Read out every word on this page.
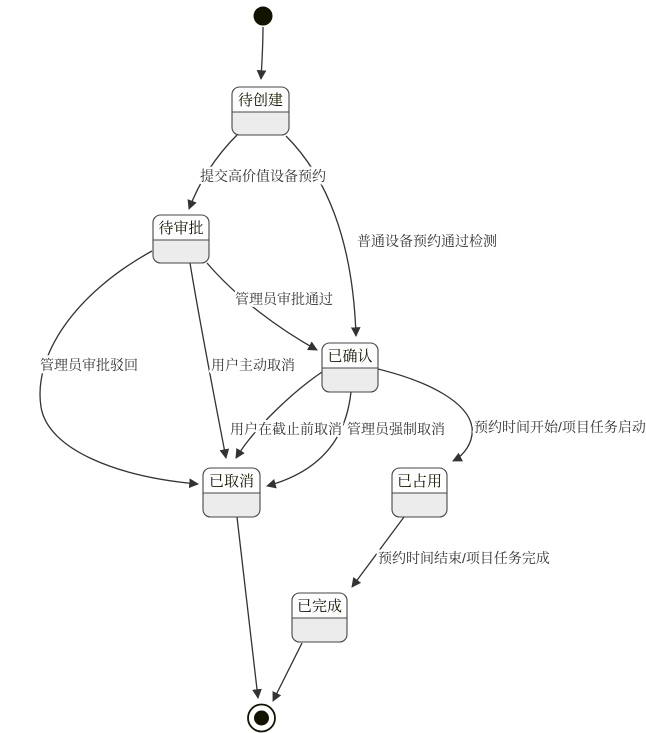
提交高价值设备预约
普通设备预约通过检测
管理员审批通过
管理员审批驳回	用户主动取消
用户在截止前取消 管理员强制取消 预约时间开始/项目任务启动
预约时间结束/项目任务完成
待创建
待审批
已确认
已取消	已占用
已完成
